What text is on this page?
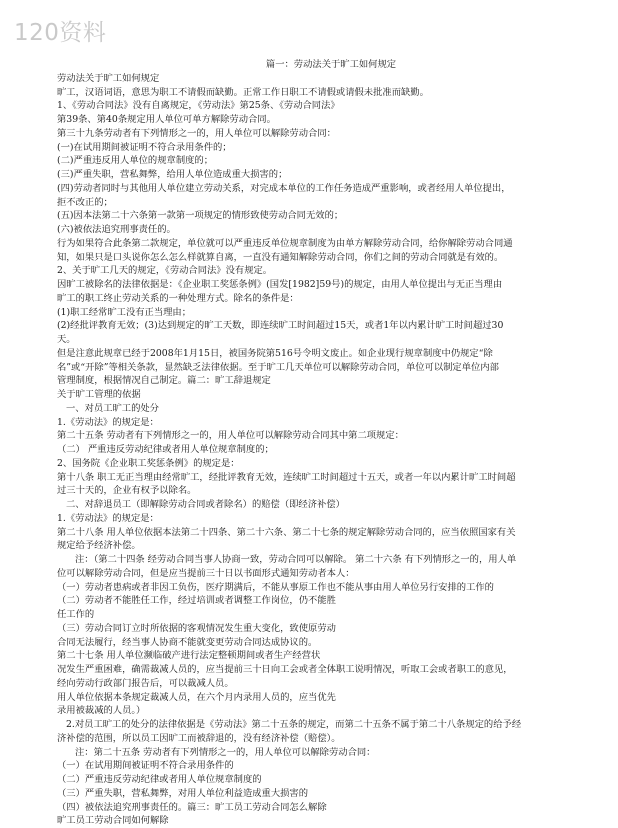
120资料
篇一：劳动法关于旷工如何规定
劳动法关于旷工如何规定
旷工，汉语词语，意思为职工不请假而缺勤。正常工作日职工不请假或请假未批准而缺勤。
1、《劳动合同法》没有自离规定，《劳动法》第25条、《劳动合同法》
第39条、第40条规定用人单位可单方解除劳动合同。
第三十九条劳动者有下列情形之一的，用人单位可以解除劳动合同：
(一)在试用期间被证明不符合录用条件的；
(二)严重违反用人单位的规章制度的；
(三)严重失职，营私舞弊，给用人单位造成重大损害的；
(四)劳动者同时与其他用人单位建立劳动关系，对完成本单位的工作任务造成严重影响，或者经用人单位提出，
拒不改正的；
(五)因本法第二十六条第一款第一项规定的情形致使劳动合同无效的；
(六)被依法追究刑事责任的。
行为如果符合此条第二款规定，单位就可以严重违反单位规章制度为由单方解除劳动合同，给你解除劳动合同通
知，如果只是口头说你怎么怎么样就算自离，一直没有通知解除劳动合同，你们之间的劳动合同就是有效的。
2、关于旷工几天的规定，《劳动合同法》没有规定。
因旷工被除名的法律依据是：《企业职工奖惩条例》(国发[1982]59号)的规定，由用人单位提出与无正当理由
旷工的职工终止劳动关系的一种处理方式。除名的条件是：
(1)职工经常旷工没有正当理由；
(2)经批评教育无效；(3)达到规定的旷工天数，即连续旷工时间超过15天，或者1年以内累计旷工时间超过30
天。
但是注意此规章已经于2008年1月15日，被国务院第516号令明文废止。如企业现行规章制度中仍规定“除
名”或“开除”等相关条款，显然缺乏法律依据。至于旷工几天单位可以解除劳动合同，单位可以制定单位内部
管理制度，根据情况自己制定。篇二：旷工辞退规定
关于旷工管理的依据
一、对员工旷工的处分
1.《劳动法》的规定是：
第二十五条 劳动者有下列情形之一的，用人单位可以解除劳动合同其中第二项规定：
（二） 严重违反劳动纪律或者用人单位规章制度的；
2、国务院《企业职工奖惩条例》的规定是：
第十八条 职工无正当理由经常旷工，经批评教育无效，连续旷工时间超过十五天，或者一年以内累计旷工时间超
过三十天的，企业有权予以除名。
二、对辞退员工（即解除劳动合同或者除名）的赔偿（即经济补偿）
1.《劳动法》的规定是：
第二十八条 用人单位依据本法第二十四条、第二十六条、第二十七条的规定解除劳动合同的，应当依照国家有关
规定给予经济补偿。
注：（第二十四条 经劳动合同当事人协商一致，劳动合同可以解除。 第二十六条 有下列情形之一的，用人单
位可以解除劳动合同，但是应当提前三十日以书面形式通知劳动者本人：
（一）劳动者患病或者非因工负伤，医疗期满后，不能从事原工作也不能从事由用人单位另行安排的工作的
（二）劳动者不能胜任工作，经过培训或者调整工作岗位，仍不能胜
任工作的
（三）劳动合同订立时所依据的客观情况发生重大变化，致使原劳动
合同无法履行，经当事人协商不能就变更劳动合同达成协议的。
第二十七条 用人单位濒临破产进行法定整顿期间或者生产经营状
况发生严重困难，确需裁减人员的，应当提前三十日向工会或者全体职工说明情况，听取工会或者职工的意见，
经向劳动行政部门报告后，可以裁减人员。
用人单位依据本条规定裁减人员，在六个月内录用人员的，应当优先
录用被裁减的人员。）
2.对员工旷工的处分的法律依据是《劳动法》第二十五条的规定，而第二十五条不属于第二十八条规定的给予经
济补偿的范围，所以员工因旷工而被辞退的，没有经济补偿（赔偿）。
注：第二十五条 劳动者有下列情形之一的，用人单位可以解除劳动合同：
（一）在试用期间被证明不符合录用条件的
（二）严重违反劳动纪律或者用人单位规章制度的
（三）严重失职，营私舞弊，对用人单位利益造成重大损害的
（四）被依法追究刑事责任的。篇三：旷工员工劳动合同怎么解除
旷工员工劳动合同如何解除
